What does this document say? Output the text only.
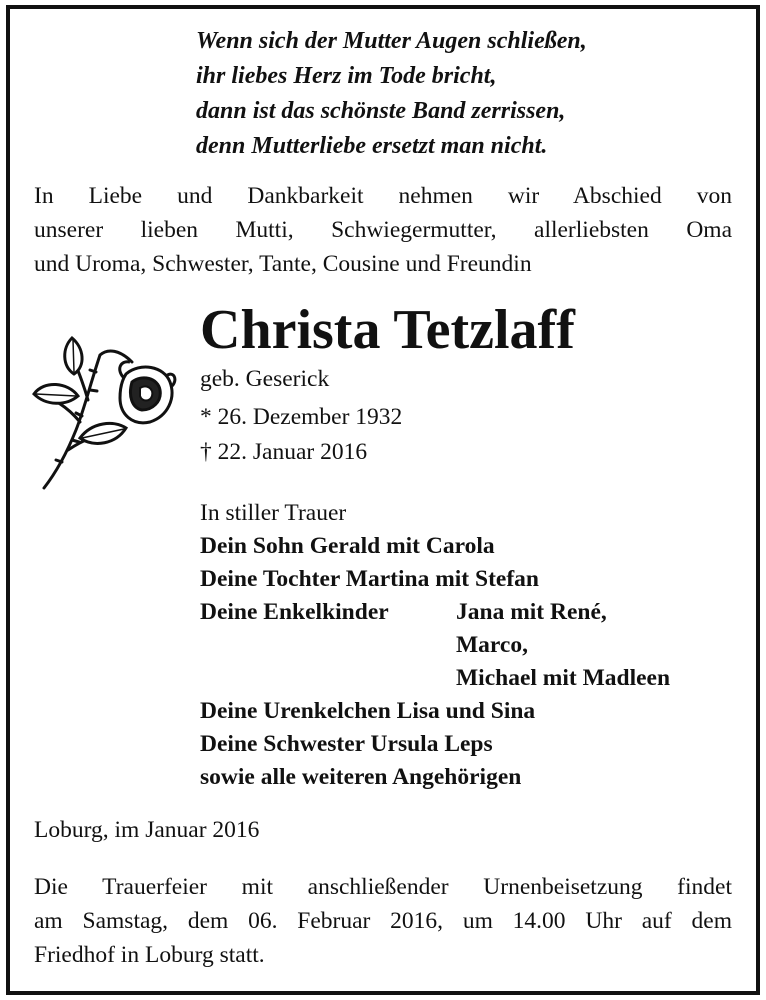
Wenn sich der Mutter Augen schließen,
ihr liebes Herz im Tode bricht,
dann ist das schönste Band zerrissen,
denn Mutterliebe ersetzt man nicht.
In Liebe und Dankbarkeit nehmen wir Abschied von
unserer lieben Mutti, Schwiegermutter, allerliebsten Oma
und Uroma, Schwester, Tante, Cousine und Freundin
Christa Tetzlaff
geb. Geserick
* 26. Dezember 1932
† 22. Januar 2016
In stiller Trauer
Dein Sohn Gerald mit Carola
Deine Tochter Martina mit Stefan
Deine Enkelkinder	Jana mit René,
Marco,
Michael mit Madleen
Deine Urenkelchen Lisa und Sina
Deine Schwester Ursula Leps
sowie alle weiteren Angehörigen
Loburg, im Januar 2016
Die Trauerfeier mit anschließender Urnenbeisetzung findet
am Samstag, dem 06. Februar 2016, um 14.00 Uhr auf dem
Friedhof in Loburg statt.
